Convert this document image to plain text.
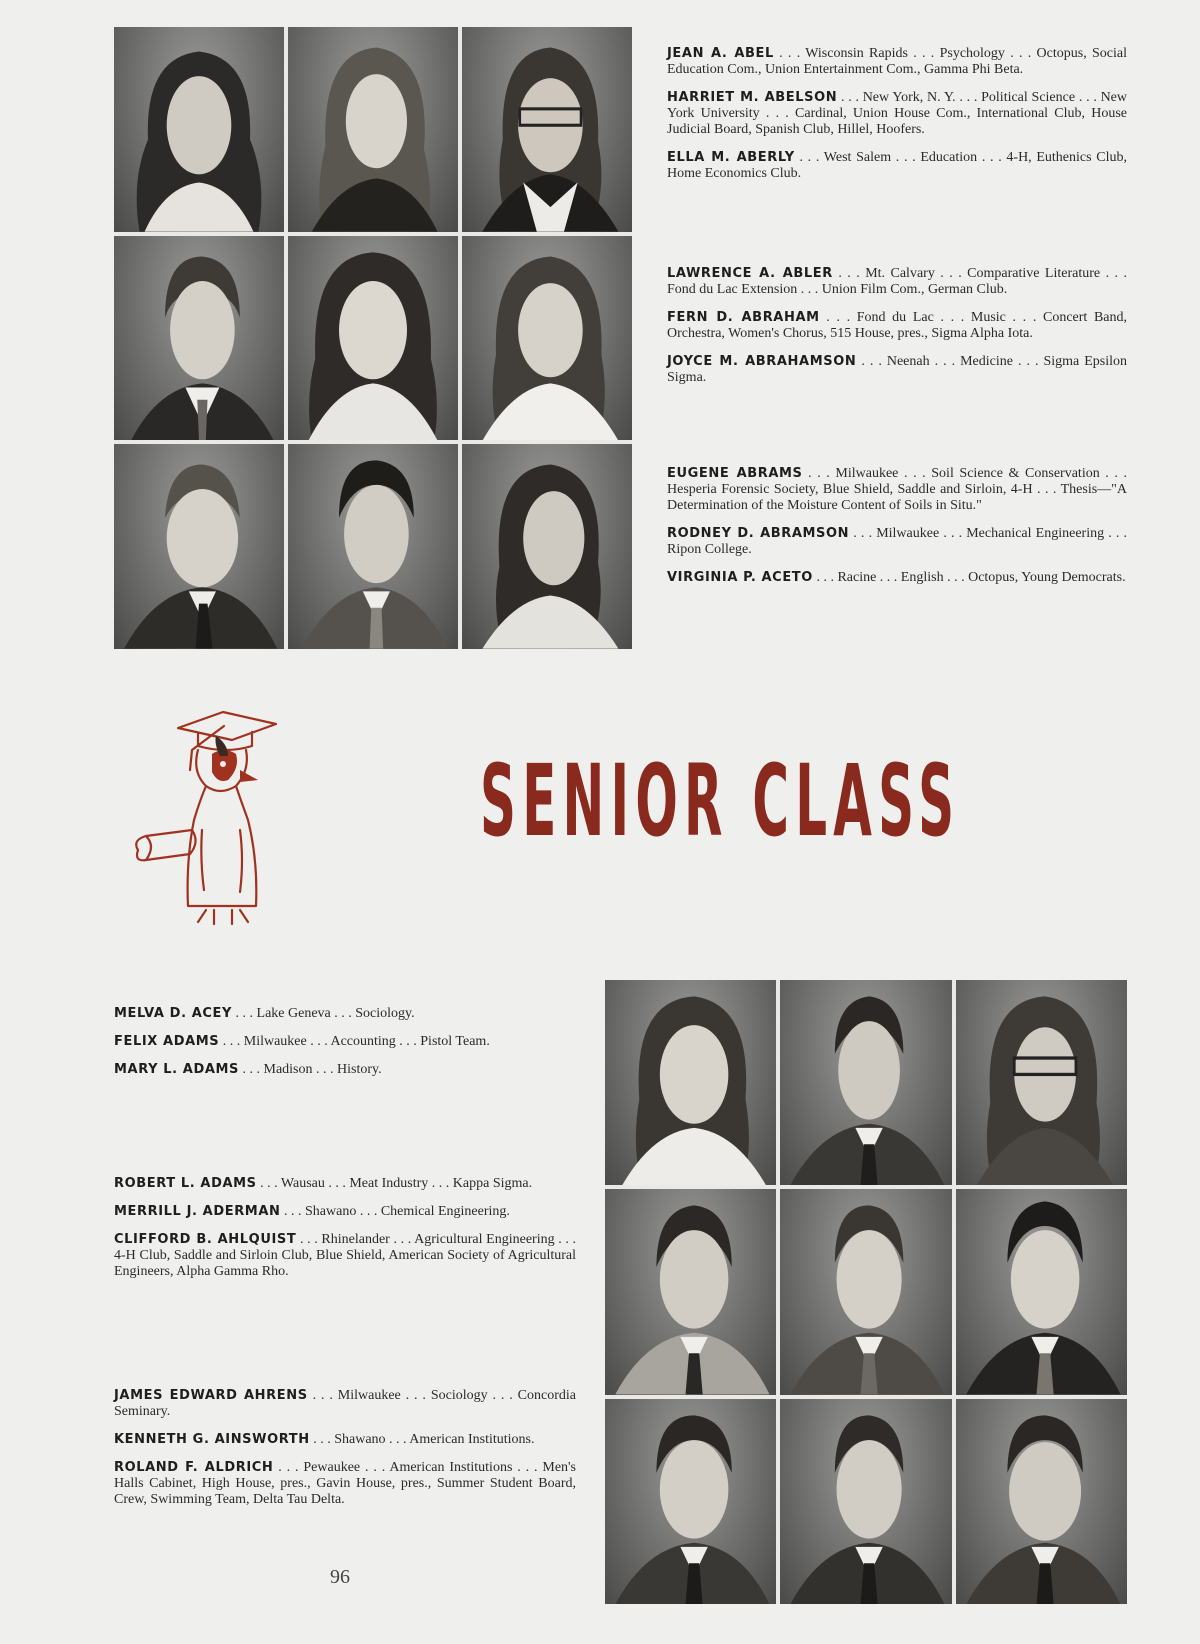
JEAN A. ABEL . . . Wisconsin Rapids . . . Psychology . . . Octopus, Social Education Com., Union Entertainment Com., Gamma Phi Beta.

HARRIET M. ABELSON . . . New York, N. Y. . . . Political Science . . . New York University . . . Cardinal, Union House Com., International Club, House Judicial Board, Spanish Club, Hillel, Hoofers.

ELLA M. ABERLY . . . West Salem . . . Education . . . 4-H, Euthenics Club, Home Economics Club.

LAWRENCE A. ABLER . . . Mt. Calvary . . . Comparative Literature . . . Fond du Lac Extension . . . Union Film Com., German Club.

FERN D. ABRAHAM . . . Fond du Lac . . . Music . . . Concert Band, Orchestra, Women's Chorus, 515 House, pres., Sigma Alpha Iota.

JOYCE M. ABRAHAMSON . . . Neenah . . . Medicine . . . Sigma Epsilon Sigma.

EUGENE ABRAMS . . . Milwaukee . . . Soil Science & Conservation . . . Hesperia Forensic Society, Blue Shield, Saddle and Sirloin, 4-H . . . Thesis—"A Determination of the Moisture Content of Soils in Situ."

RODNEY D. ABRAMSON . . . Milwaukee . . . Mechanical Engineering . . . Ripon College.

VIRGINIA P. ACETO . . . Racine . . . English . . . Octopus, Young Democrats.

SENIOR CLASS

MELVA D. ACEY . . . Lake Geneva . . . Sociology.

FELIX ADAMS . . . Milwaukee . . . Accounting . . . Pistol Team.

MARY L. ADAMS . . . Madison . . . History.

ROBERT L. ADAMS . . . Wausau . . . Meat Industry . . . Kappa Sigma.

MERRILL J. ADERMAN . . . Shawano . . . Chemical Engineering.

CLIFFORD B. AHLQUIST . . . Rhinelander . . . Agricultural Engineering . . . 4-H Club, Saddle and Sirloin Club, Blue Shield, American Society of Agricultural Engineers, Alpha Gamma Rho.

JAMES EDWARD AHRENS . . . Milwaukee . . . Sociology . . . Concordia Seminary.

KENNETH G. AINSWORTH . . . Shawano . . . American Institutions.

ROLAND F. ALDRICH . . . Pewaukee . . . American Institutions . . . Men's Halls Cabinet, High House, pres., Gavin House, pres., Summer Student Board, Crew, Swimming Team, Delta Tau Delta.

96
